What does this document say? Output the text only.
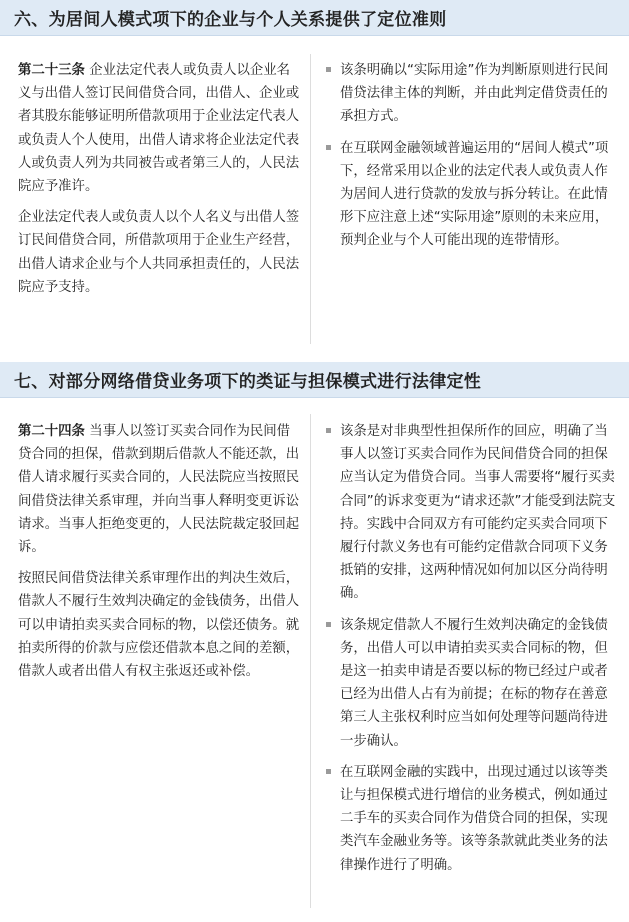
六、为居间人模式项下的企业与个人关系提供了定位准则

第二十三条 企业法定代表人或负责人以企业名义与出借人签订民间借贷合同，出借人、企业或者其股东能够证明所借款项用于企业法定代表人或负责人个人使用，出借人请求将企业法定代表人或负责人列为共同被告或者第三人的，人民法院应予准许。

企业法定代表人或负责人以个人名义与出借人签订民间借贷合同，所借款项用于企业生产经营，出借人请求企业与个人共同承担责任的，人民法院应予支持。

该条明确以“实际用途”作为判断原则进行民间借贷法律主体的判断，并由此判定借贷责任的承担方式。
在互联网金融领域普遍运用的“居间人模式”项下，经常采用以企业的法定代表人或负责人作为居间人进行贷款的发放与拆分转让。在此情形下应注意上述“实际用途”原则的未来应用，预判企业与个人可能出现的连带情形。
七、对部分网络借贷业务项下的类证与担保模式进行法律定性

第二十四条 当事人以签订买卖合同作为民间借贷合同的担保，借款到期后借款人不能还款，出借人请求履行买卖合同的，人民法院应当按照民间借贷法律关系审理，并向当事人释明变更诉讼请求。当事人拒绝变更的，人民法院裁定驳回起诉。

按照民间借贷法律关系审理作出的判决生效后，借款人不履行生效判决确定的金钱债务，出借人可以申请拍卖买卖合同标的物，以偿还债务。就拍卖所得的价款与应偿还借款本息之间的差额，借款人或者出借人有权主张返还或补偿。

该条是对非典型性担保所作的回应，明确了当事人以签订买卖合同作为民间借贷合同的担保应当认定为借贷合同。当事人需要将“履行买卖合同”的诉求变更为“请求还款”才能受到法院支持。实践中合同双方有可能约定买卖合同项下履行付款义务也有可能约定借款合同项下义务抵销的安排，这两种情况如何加以区分尚待明确。
该条规定借款人不履行生效判决确定的金钱债务，出借人可以申请拍卖买卖合同标的物，但是这一拍卖申请是否要以标的物已经过户或者已经为出借人占有为前提；在标的物存在善意第三人主张权利时应当如何处理等问题尚待进一步确认。
在互联网金融的实践中，出现过通过以该等类让与担保模式进行增信的业务模式，例如通过二手车的买卖合同作为借贷合同的担保，实现类汽车金融业务等。该等条款就此类业务的法律操作进行了明确。
